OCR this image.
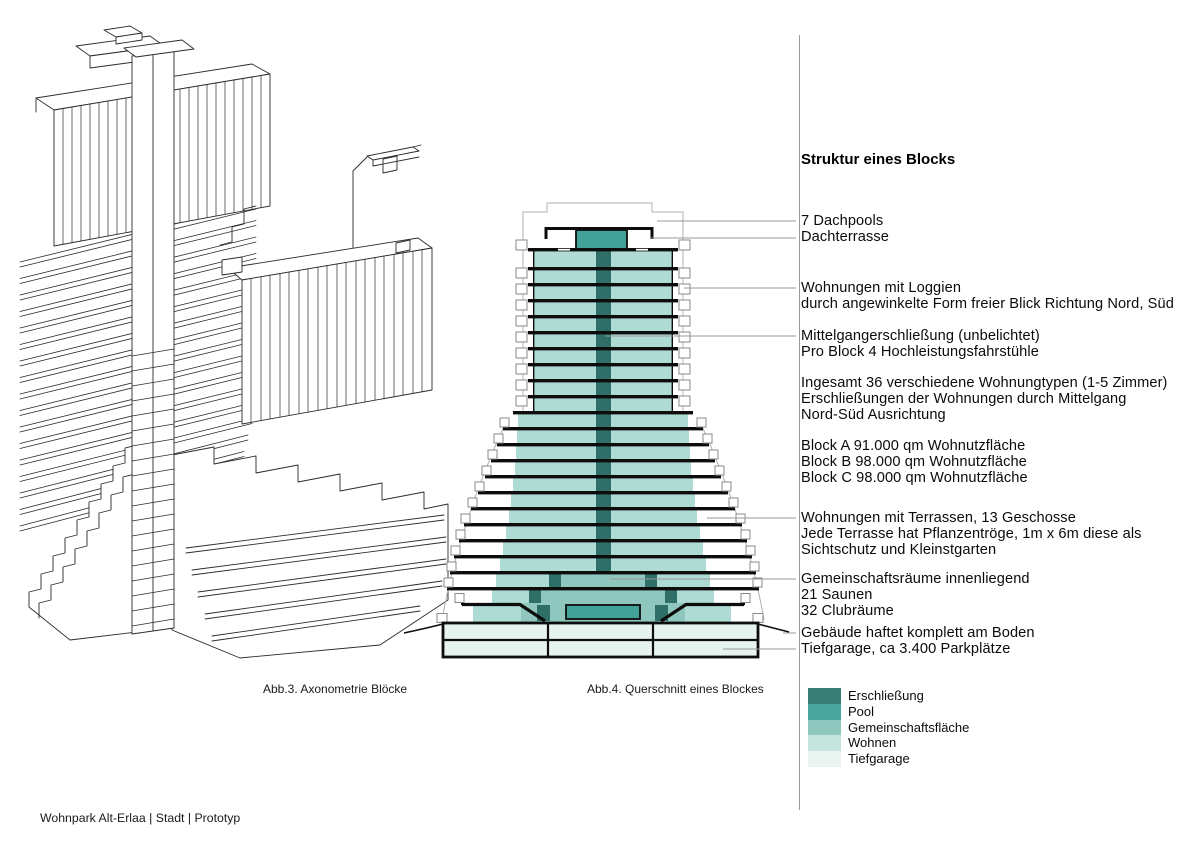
Struktur eines Blocks
7 Dachpools
Dachterrasse
Wohnungen mit Loggien
durch angewinkelte Form freier Blick Richtung Nord, Süd
Mittelgangerschließung (unbelichtet)
Pro Block 4 Hochleistungsfahrstühle
Ingesamt 36 verschiedene Wohnungtypen (1-5 Zimmer)
Erschließungen der Wohnungen durch Mittelgang
Nord-Süd Ausrichtung
Block A 91.000 qm Wohnutzfläche
Block B 98.000 qm Wohnutzfläche
Block C 98.000 qm Wohnutzfläche
Wohnungen mit Terrassen, 13 Geschosse
Jede Terrasse hat Pflanzentröge, 1m x 6m diese als
Sichtschutz und Kleinstgarten
Gemeinschaftsräume innenliegend
21 Saunen
32 Clubräume
Gebäude haftet komplett am Boden
Tiefgarage, ca 3.400 Parkplätze
Erschließung
Pool
Gemeinschaftsfläche
Wohnen
Tiefgarage
Abb.3. Axonometrie Blöcke	Abb.4. Querschnitt eines Blockes
Wohnpark Alt-Erlaa | Stadt | Prototyp
